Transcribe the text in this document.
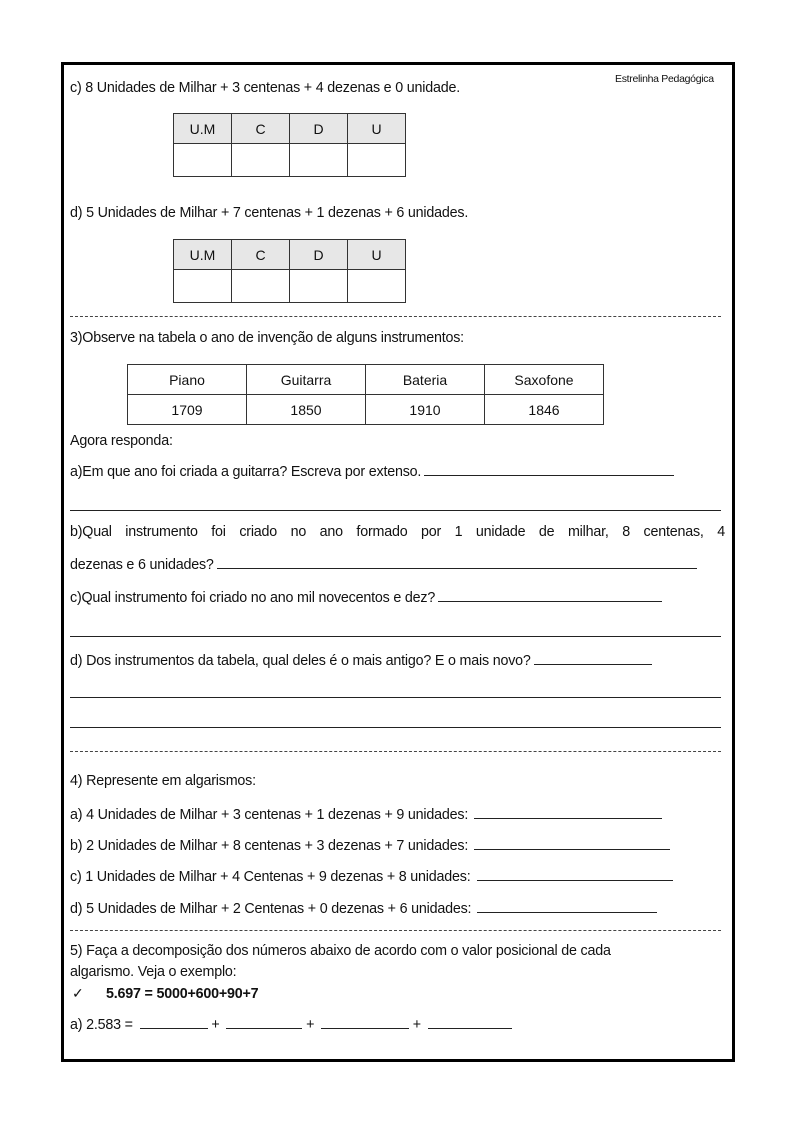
Estrelinha Pedagógica
c) 8 Unidades de Milhar + 3 centenas + 4 dezenas e 0 unidade.
U.M	C	D	U

d) 5 Unidades de Milhar + 7 centenas + 1 dezenas + 6 unidades.
U.M	C	D	U

3)Observe na tabela o ano de invenção de alguns instrumentos:
Piano	Guitarra	Bateria	Saxofone
1709	1850	1910	1846
Agora responda:
a)Em que ano foi criada a guitarra? Escreva por extenso.
b)Qual instrumento foi criado no ano formado por 1 unidade de milhar, 8 centenas, 4
dezenas e 6 unidades?
c)Qual instrumento foi criado no ano mil novecentos e dez?
d) Dos instrumentos da tabela, qual deles é o mais antigo? E o mais novo?
4) Represente em algarismos:
a) 4 Unidades de Milhar + 3 centenas + 1 dezenas + 9 unidades:
b) 2 Unidades de Milhar + 8 centenas + 3 dezenas + 7 unidades:
c) 1 Unidades de Milhar + 4 Centenas + 9 dezenas + 8 unidades:
d) 5 Unidades de Milhar + 2 Centenas + 0 dezenas + 6 unidades:
5) Faça a decomposição dos números abaixo de acordo com o valor posicional de cada
algarismo. Veja o exemplo:
✓ 5.697 = 5000+600+90+7
a) 2.583 =	+	+	+
